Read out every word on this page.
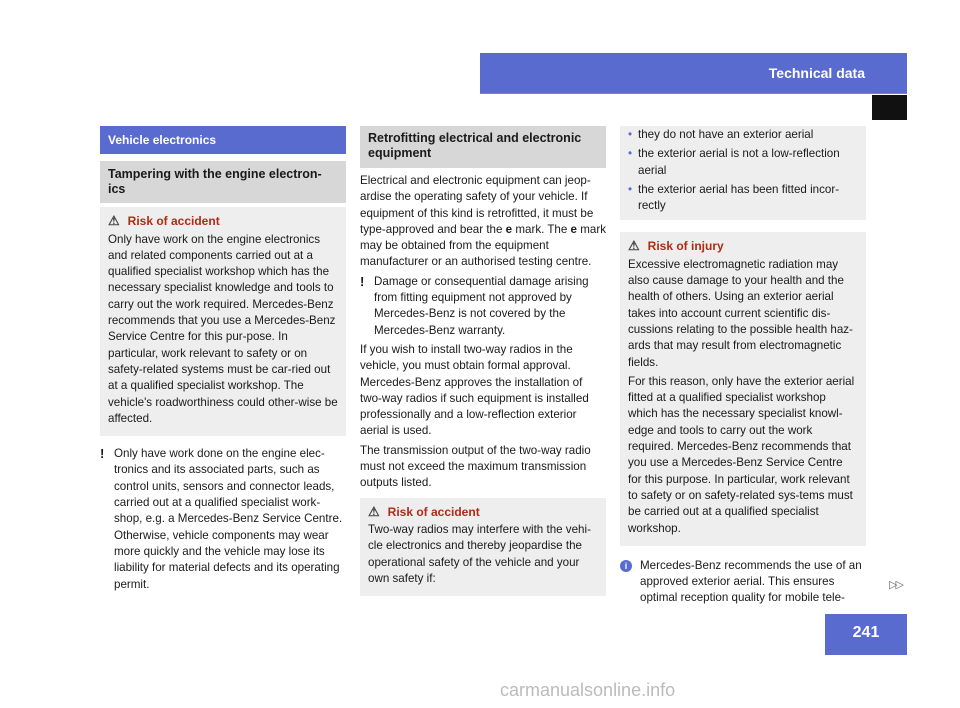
Technical data
Vehicle electronics
Tampering with the engine electron-ics
⚠ Risk of accident

Only have work on the engine electronics and related components carried out at a qualified specialist workshop which has the necessary specialist knowledge and tools to carry out the work required. Mercedes-Benz recommends that you use a Mercedes-Benz Service Centre for this pur-pose. In particular, work relevant to safety or on safety-related systems must be car-ried out at a qualified specialist workshop. The vehicle's roadworthiness could other-wise be affected.

! Only have work done on the engine elec-tronics and its associated parts, such as control units, sensors and connector leads, carried out at a qualified specialist work-shop, e.g. a Mercedes-Benz Service Centre. Otherwise, vehicle components may wear more quickly and the vehicle may lose its liability for material defects and its operating permit.
Retrofitting electrical and electronic equipment

Electrical and electronic equipment can jeop-ardise the operating safety of your vehicle. If equipment of this kind is retrofitted, it must be type-approved and bear the e mark. The e mark may be obtained from the equipment manufacturer or an authorised testing centre.

! Damage or consequential damage arising from fitting equipment not approved by Mercedes-Benz is not covered by the Mercedes-Benz warranty.

If you wish to install two-way radios in the vehicle, you must obtain formal approval. Mercedes-Benz approves the installation of two-way radios if such equipment is installed professionally and a low-reflection exterior aerial is used.

The transmission output of the two-way radio must not exceed the maximum transmission outputs listed.

⚠ Risk of accident

Two-way radios may interfere with the vehi-cle electronics and thereby jeopardise the operational safety of the vehicle and your own safety if:

• they do not have an exterior aerial
• the exterior aerial is not a low-reflection aerial
• the exterior aerial has been fitted incor-rectly
⚠ Risk of injury

Excessive electromagnetic radiation may also cause damage to your health and the health of others. Using an exterior aerial takes into account current scientific dis-cussions relating to the possible health haz-ards that may result from electromagnetic fields.

For this reason, only have the exterior aerial fitted at a qualified specialist workshop which has the necessary specialist knowl-edge and tools to carry out the work required. Mercedes-Benz recommends that you use a Mercedes-Benz Service Centre for this purpose. In particular, work relevant to safety or on safety-related sys-tems must be carried out at a qualified specialist workshop.

i	Mercedes-Benz recommends the use of an approved exterior aerial. This ensures optimal reception quality for mobile tele-
▷▷
241
carmanualsonline.info
